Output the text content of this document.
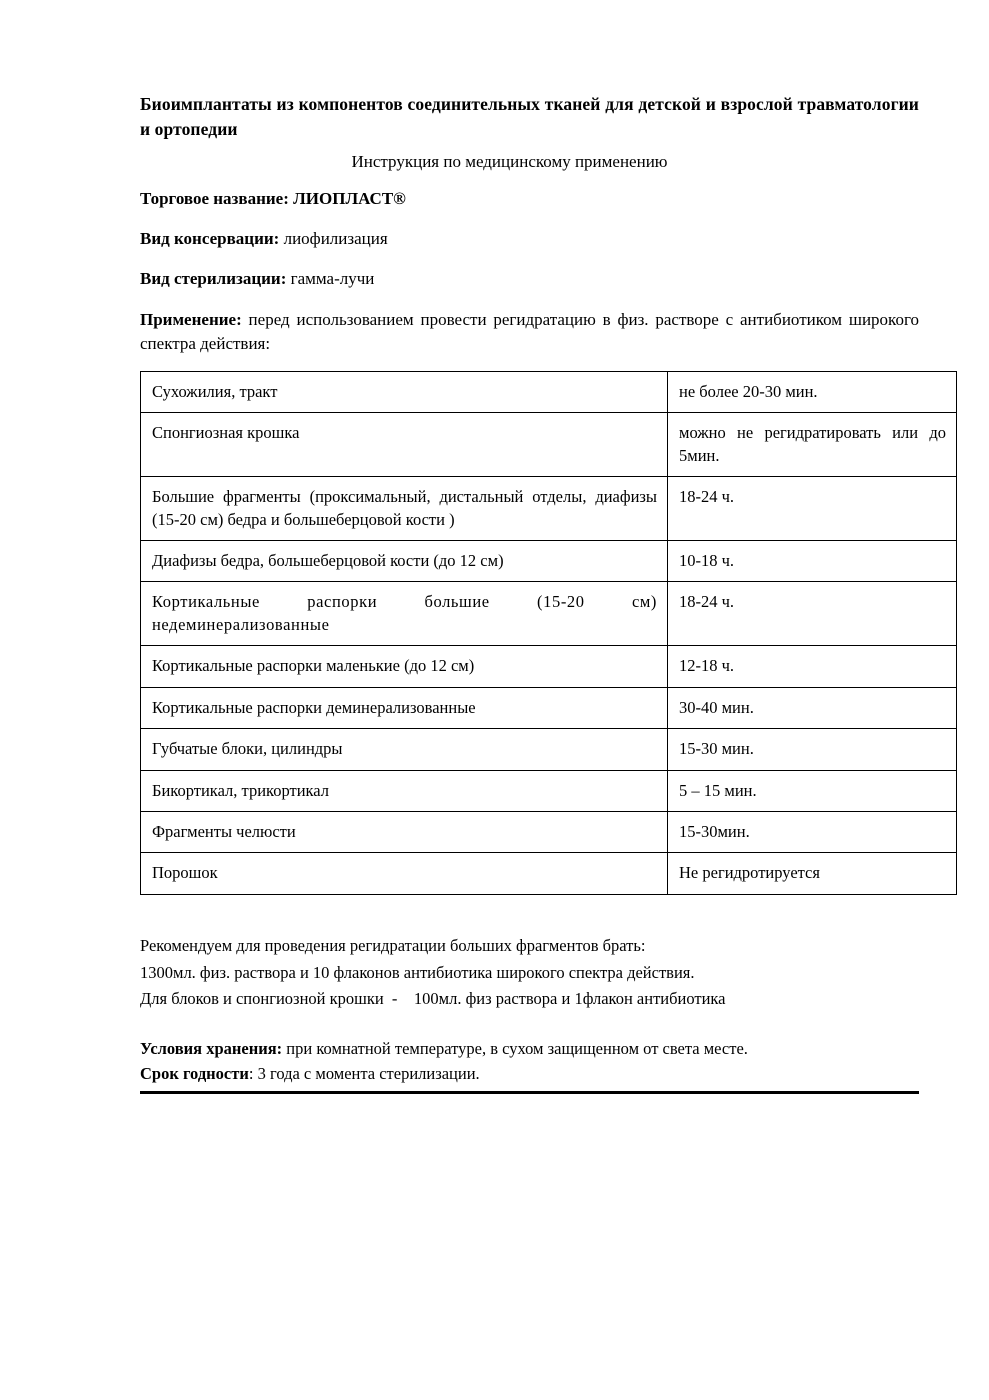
Биоимплантаты из компонентов соединительных тканей для детской и взрослой травматологии и ортопедии
Инструкция по медицинскому применению

Торговое название: ЛИОПЛАСТ®

Вид консервации: лиофилизация

Вид стерилизации: гамма-лучи

Применение: перед использованием провести регидратацию в физ. растворе с антибиотиком широкого спектра действия:

Сухожилия, тракт	не более 20-30 мин.
Спонгиозная крошка	можно не регидратировать или до 5мин.
Большие фрагменты (проксимальный, дистальный отделы, диафизы (15-20 см) бедра и большеберцовой кости )	18-24 ч.
Диафизы бедра, большеберцовой кости (до 12 см)	10-18 ч.
Кортикальные распорки большие (15-20 см) недеминерализованные	18-24 ч.
Кортикальные распорки маленькие (до 12 см)	12-18 ч.
Кортикальные распорки деминерализованные	30-40 мин.
Губчатые блоки, цилиндры	15-30 мин.
Бикортикал, трикортикал	5 – 15 мин.
Фрагменты челюсти	15-30мин.
Порошок	Не регидротируется
Рекомендуем для проведения регидратации больших фрагментов брать:
1300мл. физ. раствора и 10 флаконов антибиотика широкого спектра действия.
Для блоков и спонгиозной крошки  -    100мл. физ раствора и 1флакон антибиотика
Условия хранения: при комнатной температуре, в сухом защищенном от света месте.
Срок годности: 3 года с момента стерилизации.
